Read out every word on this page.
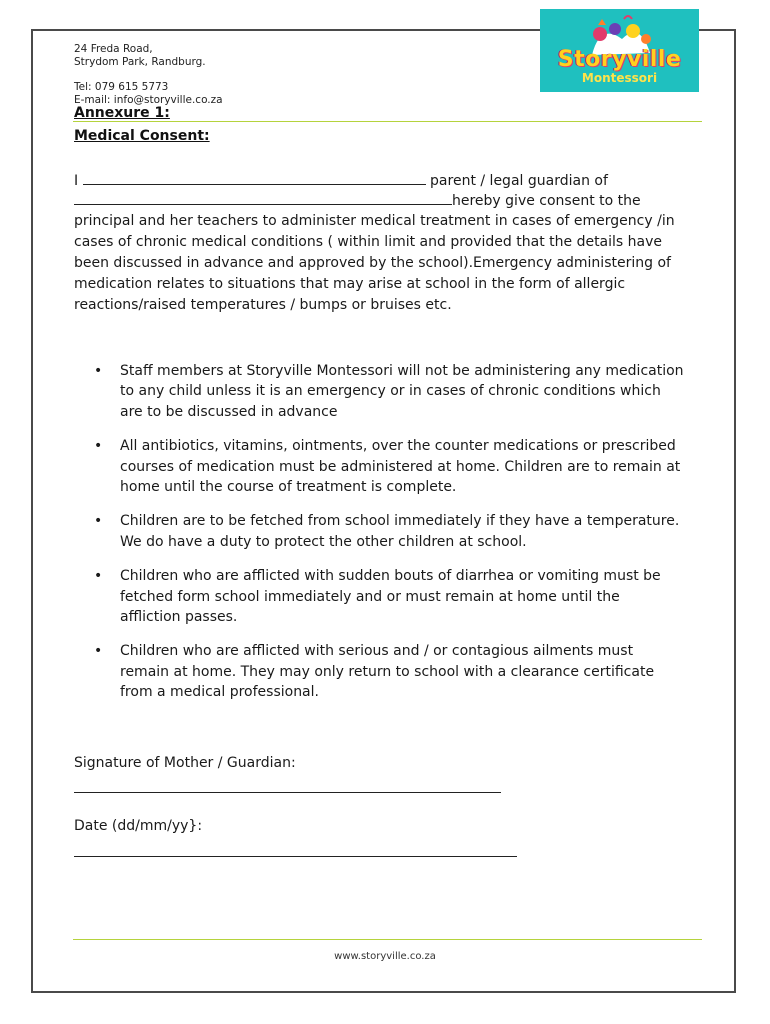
Storyville
Montessori
24 Freda Road,
Strydom Park, Randburg.
Tel: 079 615 5773
E-mail: info@storyville.co.za
Annexure 1:
Medical Consent:
I	parent / legal guardian of
hereby give consent to the
principal and her teachers to administer medical treatment in cases of emergency /in cases of chronic medical conditions ( within limit and provided that the details have been discussed in advance and approved by the school).Emergency administering of medication relates to situations that may arise at school in the form of allergic reactions/raised temperatures / bumps or bruises etc.
• Staff members at Storyville Montessori will not be administering any medication to any child unless it is an emergency or in cases of chronic conditions which are to be discussed in advance
• All antibiotics, vitamins, ointments, over the counter medications or prescribed courses of medication must be administered at home. Children are to remain at home until the course of treatment is complete.
• Children are to be fetched from school immediately if they have a temperature. We do have a duty to protect the other children at school.
• Children who are afflicted with sudden bouts of diarrhea or vomiting must be fetched form school immediately and or must remain at home until the affliction passes.
• Children who are afflicted with serious and / or contagious ailments must remain at home. They may only return to school with a clearance certificate from a medical professional.
Signature of Mother / Guardian:
Date (dd/mm/yy}:
www.storyville.co.za
